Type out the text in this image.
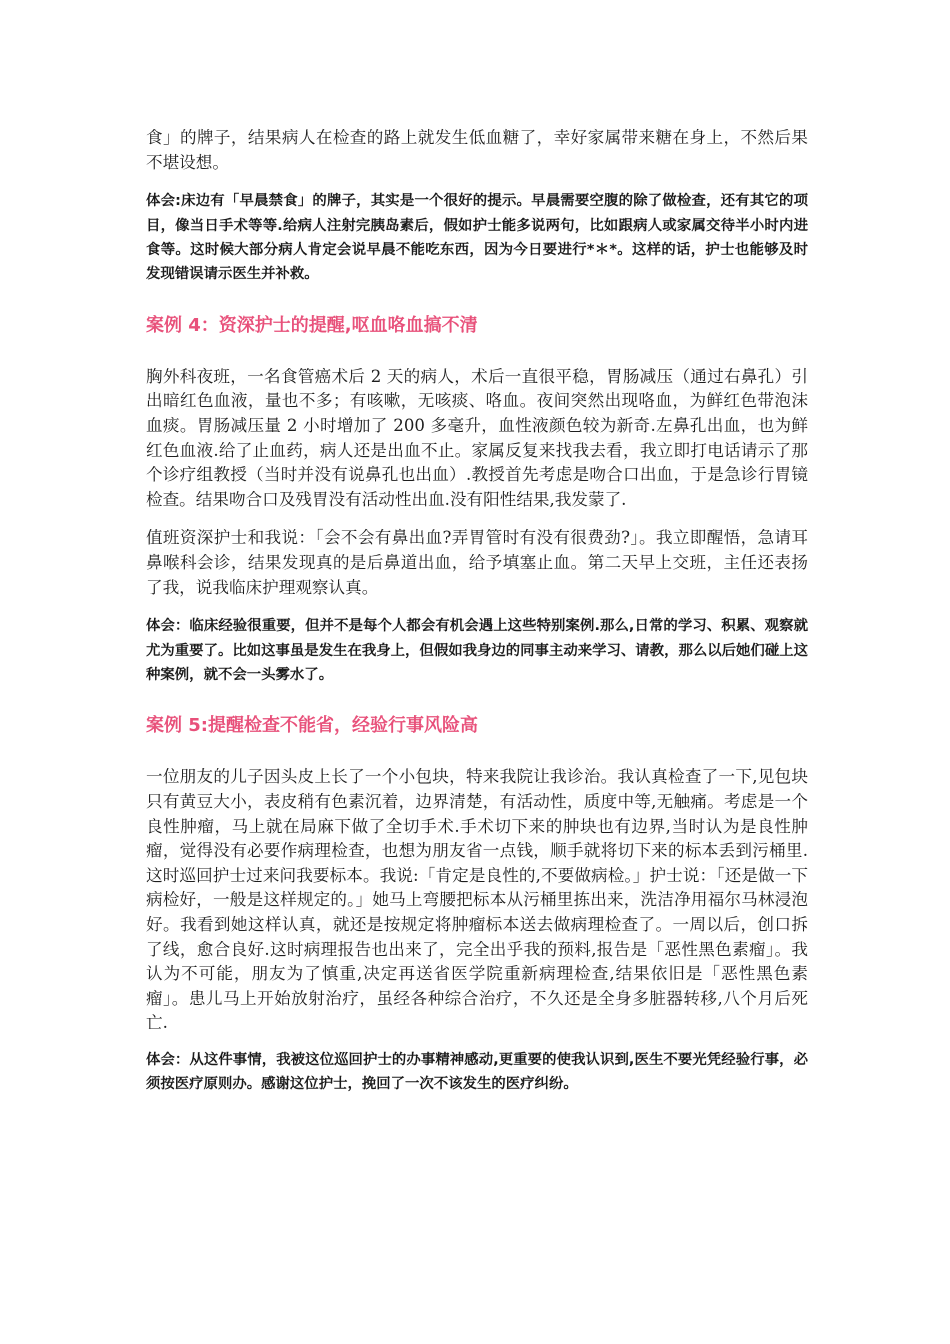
食」的牌子，结果病人在检查的路上就发生低血糖了，幸好家属带来糖在身上，不然后果不堪设想。

体会:床边有「早晨禁食」的牌子，其实是一个很好的提示。早晨需要空腹的除了做检查，还有其它的项目，像当日手术等等.给病人注射完胰岛素后，假如护士能多说两句，比如跟病人或家属交待半小时内进食等。这时候大部分病人肯定会说早晨不能吃东西，因为今日要进行*＊*。这样的话，护士也能够及时发现错误请示医生并补救。

案例 4：资深护士的提醒,呕血咯血搞不清

胸外科夜班，一名食管癌术后 2 天的病人，术后一直很平稳，胃肠减压（通过右鼻孔）引出暗红色血液，量也不多；有咳嗽，无咳痰、咯血。夜间突然出现咯血，为鲜红色带泡沫血痰。胃肠减压量 2 小时增加了 200 多毫升，血性液颜色较为新奇.左鼻孔出血，也为鲜红色血液.给了止血药，病人还是出血不止。家属反复来找我去看，我立即打电话请示了那个诊疗组教授（当时并没有说鼻孔也出血）.教授首先考虑是吻合口出血，于是急诊行胃镜检查。结果吻合口及残胃没有活动性出血.没有阳性结果,我发蒙了.

值班资深护士和我说：「会不会有鼻出血?弄胃管时有没有很费劲?」。我立即醒悟，急请耳鼻喉科会诊，结果发现真的是后鼻道出血，给予填塞止血。第二天早上交班，主任还表扬了我，说我临床护理观察认真。

体会：临床经验很重要，但并不是每个人都会有机会遇上这些特别案例.那么,日常的学习、积累、观察就尤为重要了。比如这事虽是发生在我身上，但假如我身边的同事主动来学习、请教，那么以后她们碰上这种案例，就不会一头雾水了。

案例 5:提醒检查不能省，经验行事风险高

一位朋友的儿子因头皮上长了一个小包块，特来我院让我诊治。我认真检查了一下,见包块只有黄豆大小，表皮稍有色素沉着，边界清楚，有活动性，质度中等,无触痛。考虑是一个良性肿瘤，马上就在局麻下做了全切手术.手术切下来的肿块也有边界,当时认为是良性肿瘤，觉得没有必要作病理检查，也想为朋友省一点钱，顺手就将切下来的标本丢到污桶里.这时巡回护士过来问我要标本。我说:「肯定是良性的,不要做病检。」护士说：「还是做一下病检好，一般是这样规定的。」她马上弯腰把标本从污桶里拣出来，洗洁净用福尔马林浸泡好。我看到她这样认真，就还是按规定将肿瘤标本送去做病理检查了。一周以后，创口拆了线，愈合良好.这时病理报告也出来了，完全出乎我的预料,报告是「恶性黑色素瘤」。我认为不可能，朋友为了慎重,决定再送省医学院重新病理检查,结果依旧是「恶性黑色素瘤」。患儿马上开始放射治疗，虽经各种综合治疗，不久还是全身多脏器转移,八个月后死亡.

体会：从这件事情，我被这位巡回护士的办事精神感动,更重要的使我认识到,医生不要光凭经验行事，必须按医疗原则办。感谢这位护士，挽回了一次不该发生的医疗纠纷。
